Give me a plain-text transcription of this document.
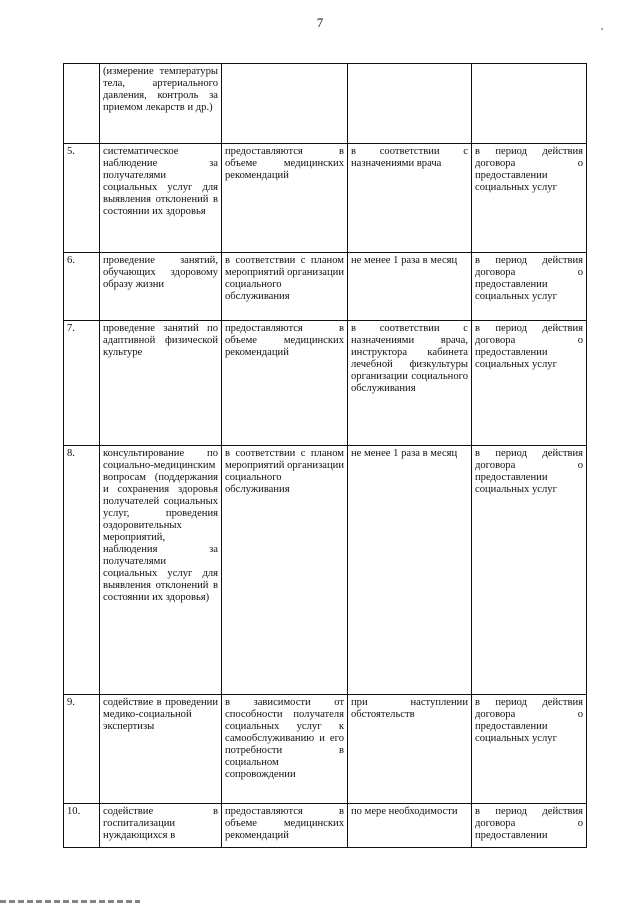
7
	(измерение температуры тела, артериального давления, контроль за приемом лекарств и др.)			
5.	систематическое наблюдение за получателями социальных услуг для выявления отклонений в состоянии их здоровья	предоставляются в объеме медицинских рекомендаций	в соответствии с назначениями врача	в период действия договора о предоставлении социальных услуг
6.	проведение занятий, обучающих здоровому образу жизни	в соответствии с планом мероприятий организации социального обслуживания	не менее 1 раза в месяц	в период действия договора о предоставлении социальных услуг
7.	проведение занятий по адаптивной физической культуре	предоставляются в объеме медицинских рекомендаций	в соответствии с назначениями врача, инструктора кабинета лечебной физкультуры организации социального обслуживания	в период действия договора о предоставлении социальных услуг
8.	консультирование по социально-медицинским вопросам (поддержания и сохранения здоровья получателей социальных услуг, проведения оздоровительных мероприятий, наблюдения за получателями социальных услуг для выявления отклонений в состоянии их здоровья)	в соответствии с планом мероприятий организации социального обслуживания	не менее 1 раза в месяц	в период действия договора о предоставлении социальных услуг
9.	содействие в проведении медико-социальной экспертизы	в зависимости от способности получателя социальных услуг к самообслуживанию и его потребности в социальном сопровождении	при наступлении обстоятельств	в период действия договора о предоставлении социальных услуг
10.	содействие в госпитализации нуждающихся в	предоставляются в объеме медицинских рекомендаций	по мере необходимости	в период действия договора о предоставлении
